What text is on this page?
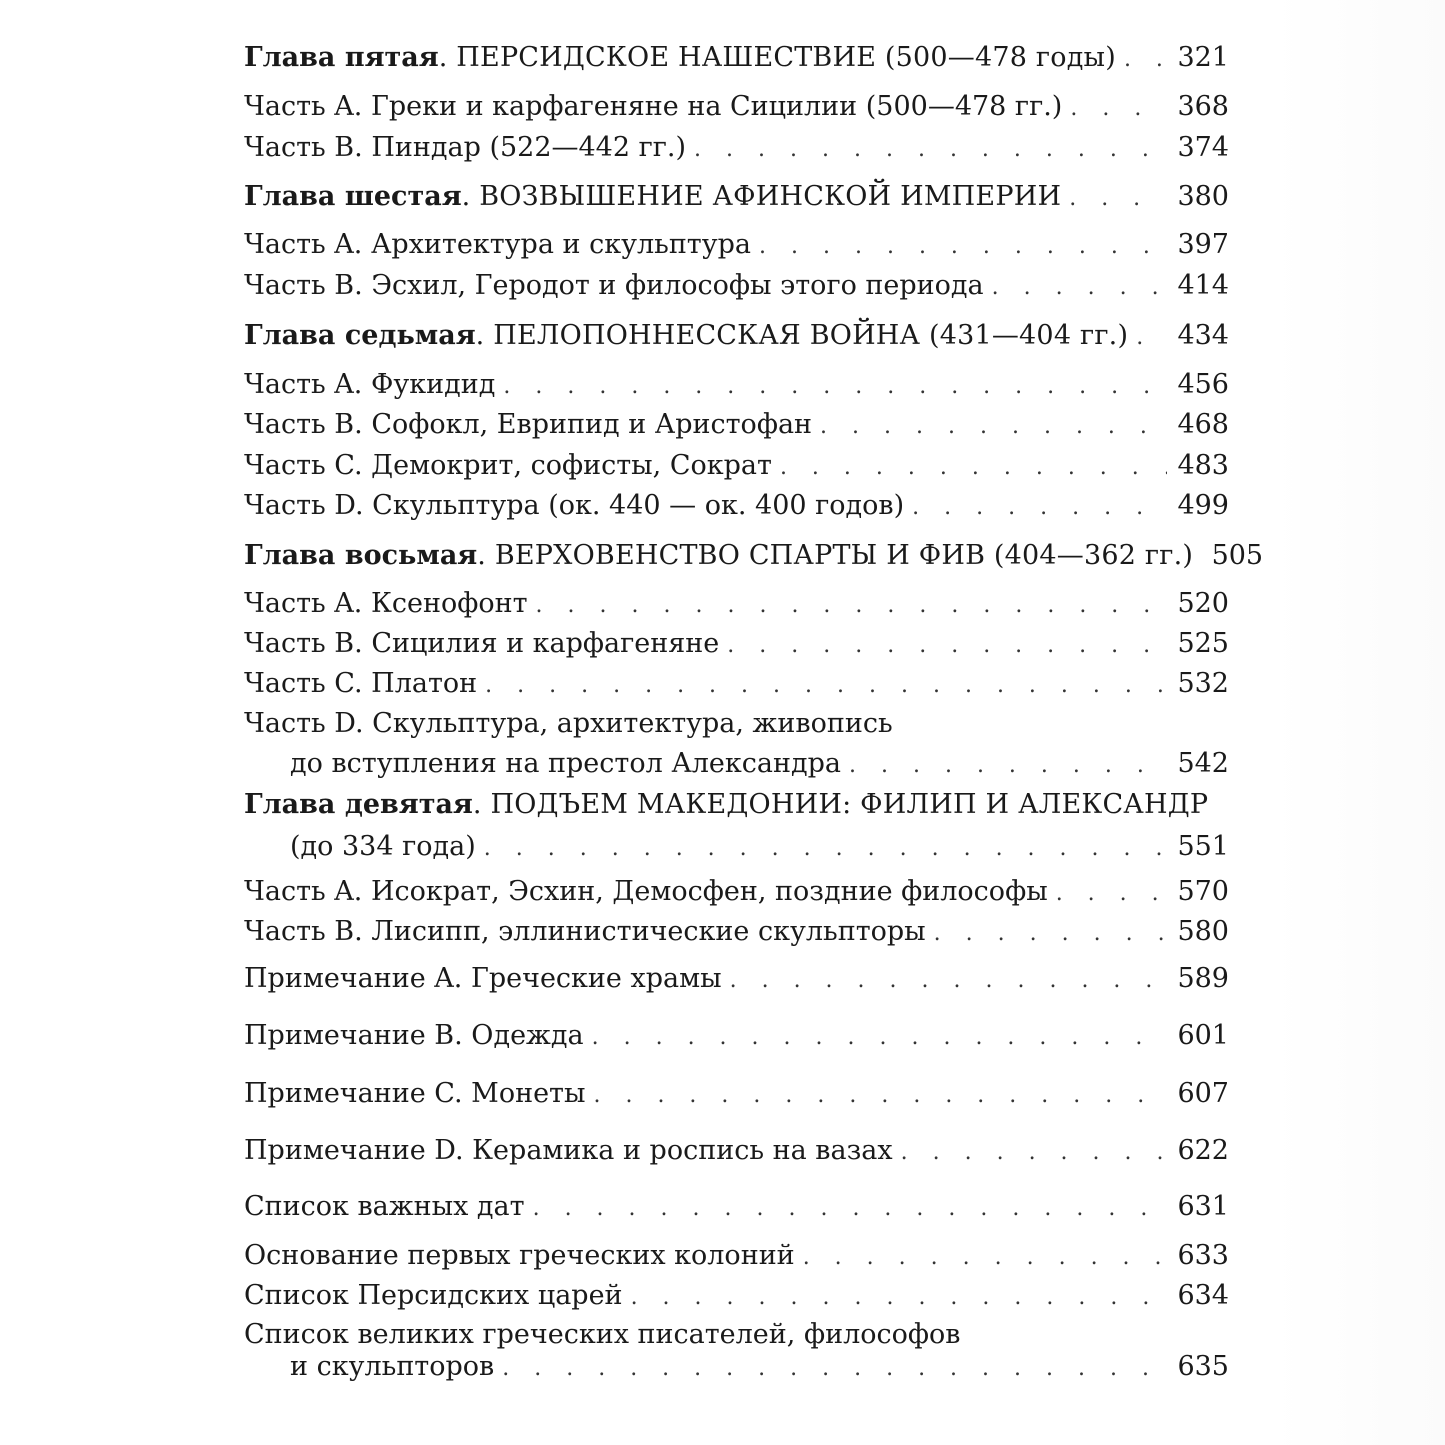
Глава пятая. ПЕРСИДСКОЕ НАШЕСТВИЕ (500—478 годы) . . . 321
Часть A. Греки и карфагеняне на Сицилии (500—478 гг.) . . .	368
Часть B. Пиндар (522—442 гг.) . . .	374
Глава шестая. ВОЗВЫШЕНИЕ АФИНСКОЙ ИМПЕРИИ . . .	380
Часть A. Архитектура и скульптура . . .	397
Часть B. Эсхил, Геродот и философы этого периода . . .	414
Глава седьмая. ПЕЛОПОННЕССКАЯ ВОЙНА (431—404 гг.) . . . 434
Часть A. Фукидид . . .	456
Часть B. Софокл, Еврипид и Аристофан . . .	468
Часть C. Демокрит, софисты, Сократ . . .	483
Часть D. Скульптура (ок. 440 — ок. 400 годов) . . .	499
Глава восьмая. ВЕРХОВЕНСТВО СПАРТЫ И ФИВ (404—362 гг.) 505
Часть A. Ксенофонт . . .	520
Часть B. Сицилия и карфагеняне . . .	525
Часть C. Платон . . .	532
Часть D. Скульптура, архитектура, живопись
до вступления на престол Александра . . .	542
Глава девятая. ПОДЪЕМ МАКЕДОНИИ: ФИЛИП И АЛЕКСАНДР
(до 334 года) . . .	551
Часть A. Исократ, Эсхин, Демосфен, поздние философы . . .	570
Часть B. Лисипп, эллинистические скульпторы . . .	580
Примечание A. Греческие храмы . . .	589
Примечание B. Одежда . . .	601
Примечание C. Монеты . . .	607
Примечание D. Керамика и роспись на вазах . . .	622
Список важных дат . . .	631
Основание первых греческих колоний . . .	633
Список Персидских царей . . .	634
Список великих греческих писателей, философов
и скульпторов . . .	635
